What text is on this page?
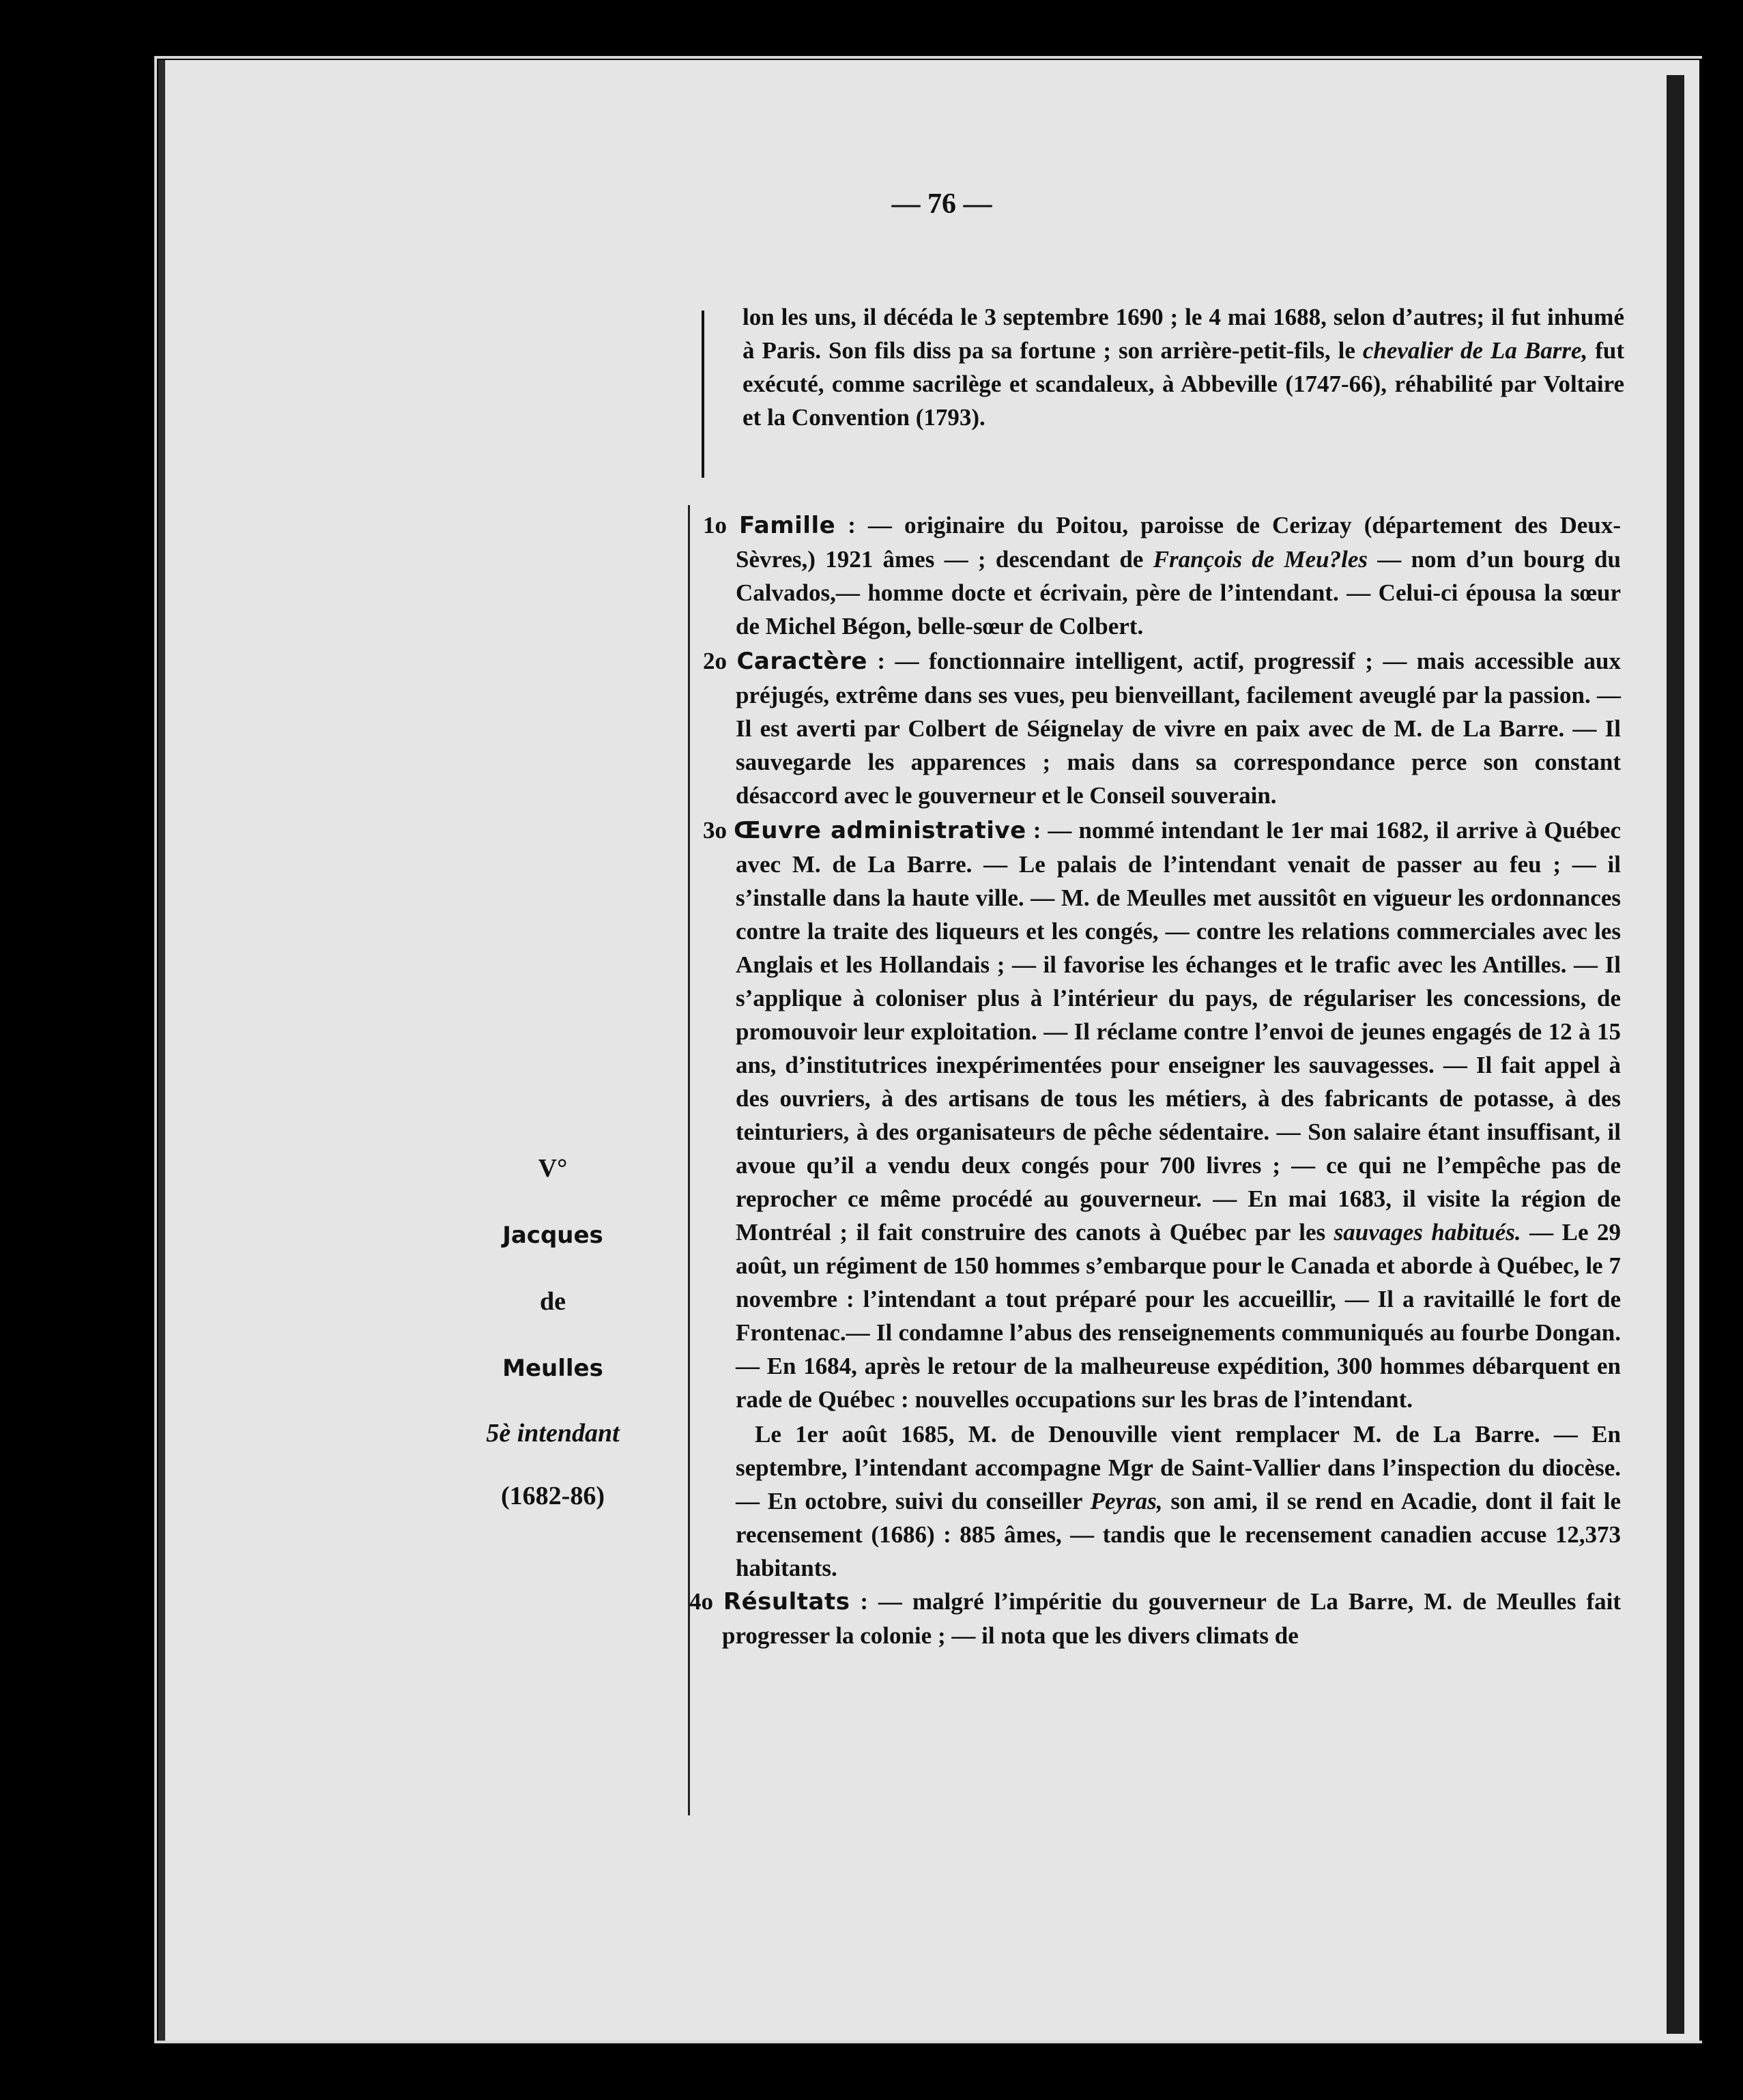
— 76 —
lon les uns, il décéda le 3 septembre 1690 ; le 4 mai 1688, selon d’autres; il fut inhumé à Paris. Son fils diss pa sa fortune ; son arrière-petit-fils, le chevalier de La Barre, fut exécuté, comme sacrilège et scandaleux, à Abbeville (1747-66), réhabilité par Voltaire et la Convention (1793).
V°
Jacques
de
Meulles
5è intendant
(1682-86)
1o Famille : — originaire du Poitou, paroisse de Cerizay (département des Deux-Sèvres,) 1921 âmes — ; descendant de François de Meu?les — nom d’un bourg du Calvados,— homme docte et écrivain, père de l’intendant. — Celui-ci épousa la sœur de Michel Bégon, belle-sœur de Colbert.
2o Caractère : — fonctionnaire intelligent, actif, progressif ; — mais accessible aux préjugés, extrême dans ses vues, peu bienveillant, facilement aveuglé par la passion. — Il est averti par Colbert de Séignelay de vivre en paix avec de M. de La Barre. — Il sauvegarde les apparences ; mais dans sa correspondance perce son constant désaccord avec le gouverneur et le Conseil souverain.
3o Œuvre administrative : — nommé intendant le 1er mai 1682, il arrive à Québec avec M. de La Barre. — Le palais de l’intendant venait de passer au feu ; — il s’installe dans la haute ville. — M. de Meulles met aussitôt en vigueur les ordonnances contre la traite des liqueurs et les congés, — contre les relations commerciales avec les Anglais et les Hollandais ; — il favorise les échanges et le trafic avec les Antilles. — Il s’applique à coloniser plus à l’intérieur du pays, de régulariser les concessions, de promouvoir leur exploitation. — Il réclame contre l’envoi de jeunes engagés de 12 à 15 ans, d’institutrices inexpérimentées pour enseigner les sauvagesses. — Il fait appel à des ouvriers, à des artisans de tous les métiers, à des fabricants de potasse, à des teinturiers, à des organisateurs de pêche sédentaire. — Son salaire étant insuffisant, il avoue qu’il a vendu deux congés pour 700 livres ; — ce qui ne l’empêche pas de reprocher ce même procédé au gouverneur. — En mai 1683, il visite la région de Montréal ; il fait construire des canots à Québec par les sauvages habitués. — Le 29 août, un régiment de 150 hommes s’embarque pour le Canada et aborde à Québec, le 7 novembre : l’intendant a tout préparé pour les accueillir, — Il a ravitaillé le fort de Frontenac.— Il condamne l’abus des renseignements communiqués au fourbe Dongan. — En 1684, après le retour de la malheureuse expédition, 300 hommes débarquent en rade de Québec : nouvelles occupations sur les bras de l’intendant.
Le 1er août 1685, M. de Denouville vient remplacer M. de La Barre. — En septembre, l’intendant accompagne Mgr de Saint-Vallier dans l’inspection du diocèse. — En octobre, suivi du conseiller Peyras, son ami, il se rend en Acadie, dont il fait le recensement (1686) : 885 âmes, — tandis que le recensement canadien accuse 12,373 habitants.
4o Résultats : — malgré l’impéritie du gouverneur de La Barre, M. de Meulles fait progresser la colonie ; — il nota que les divers climats de
